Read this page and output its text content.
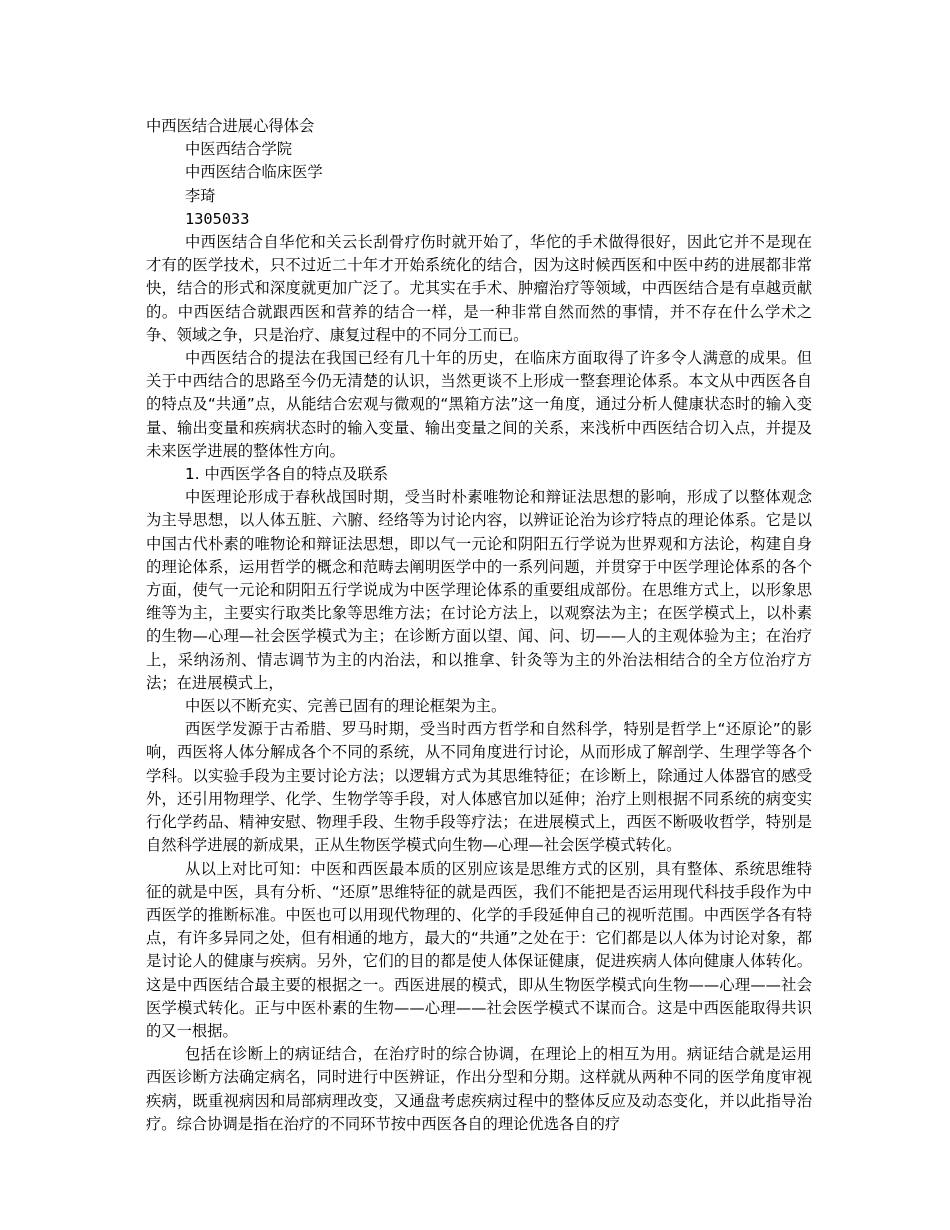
中西医结合进展心得体会

中医西结合学院

中西医结合临床医学

李琦

1305033

中西医结合自华佗和关云长刮骨疗伤时就开始了，华佗的手术做得很好，因此它并不是现在才有的医学技术，只不过近二十年才开始系统化的结合，因为这时候西医和中医中药的进展都非常快，结合的形式和深度就更加广泛了。尤其实在手术、肿瘤治疗等领域，中西医结合是有卓越贡献的。中西医结合就跟西医和营养的结合一样，是一种非常自然而然的事情，并不存在什么学术之争、领域之争，只是治疗、康复过程中的不同分工而已。

中西医结合的提法在我国已经有几十年的历史，在临床方面取得了许多令人满意的成果。但关于中西结合的思路至今仍无清楚的认识，当然更谈不上形成一整套理论体系。本文从中西医各自的特点及“共通”点，从能结合宏观与微观的“黑箱方法”这一角度，通过分析人健康状态时的输入变量、输出变量和疾病状态时的输入变量、输出变量之间的关系，来浅析中西医结合切入点，并提及未来医学进展的整体性方向。

1. 中西医学各自的特点及联系

中医理论形成于春秋战国时期，受当时朴素唯物论和辩证法思想的影响，形成了以整体观念为主导思想，以人体五脏、六腑、经络等为讨论内容，以辨证论治为诊疗特点的理论体系。它是以中国古代朴素的唯物论和辩证法思想，即以气一元论和阴阳五行学说为世界观和方法论，构建自身的理论体系，运用哲学的概念和范畴去阐明医学中的一系列问题，并贯穿于中医学理论体系的各个方面，使气一元论和阴阳五行学说成为中医学理论体系的重要组成部份。在思维方式上，以形象思维等为主，主要实行取类比象等思维方法；在讨论方法上，以观察法为主；在医学模式上，以朴素的生物—心理—社会医学模式为主；在诊断方面以望、闻、问、切——人的主观体验为主；在治疗上，采纳汤剂、情志调节为主的内治法，和以推拿、针灸等为主的外治法相结合的全方位治疗方法；在进展模式上，

中医以不断充实、完善已固有的理论框架为主。

西医学发源于古希腊、罗马时期，受当时西方哲学和自然科学，特别是哲学上“还原论”的影响，西医将人体分解成各个不同的系统，从不同角度进行讨论，从而形成了解剖学、生理学等各个学科。以实验手段为主要讨论方法；以逻辑方式为其思维特征；在诊断上，除通过人体器官的感受外，还引用物理学、化学、生物学等手段，对人体感官加以延伸；治疗上则根据不同系统的病变实行化学药品、精神安慰、物理手段、生物手段等疗法；在进展模式上，西医不断吸收哲学，特别是自然科学进展的新成果，正从生物医学模式向生物—心理—社会医学模式转化。

从以上对比可知：中医和西医最本质的区别应该是思维方式的区别，具有整体、系统思维特征的就是中医，具有分析、“还原”思维特征的就是西医，我们不能把是否运用现代科技手段作为中西医学的推断标准。中医也可以用现代物理的、化学的手段延伸自己的视听范围。中西医学各有特点，有许多异同之处，但有相通的地方，最大的“共通”之处在于：它们都是以人体为讨论对象，都是讨论人的健康与疾病。另外，它们的目的都是使人体保证健康，促进疾病人体向健康人体转化。这是中西医结合最主要的根据之一。西医进展的模式，即从生物医学模式向生物——心理——社会医学模式转化。正与中医朴素的生物——心理——社会医学模式不谋而合。这是中西医能取得共识的又一根据。

包括在诊断上的病证结合，在治疗时的综合协调，在理论上的相互为用。病证结合就是运用西医诊断方法确定病名，同时进行中医辨证，作出分型和分期。这样就从两种不同的医学角度审视疾病，既重视病因和局部病理改变，又通盘考虑疾病过程中的整体反应及动态变化，并以此指导治疗。综合协调是指在治疗的不同环节按中西医各自的理论优选各自的疗
